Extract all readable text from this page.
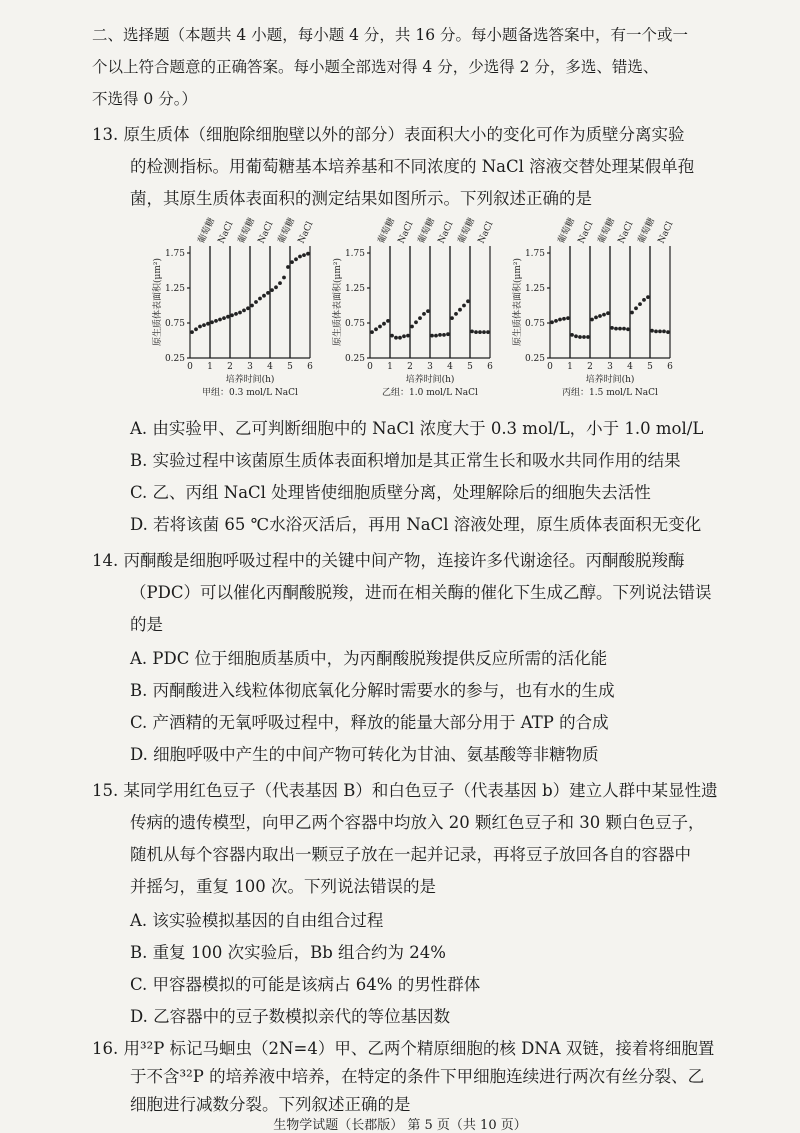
二、选择题（本题共 4 小题，每小题 4 分，共 16 分。每小题备选答案中，有一个或一
个以上符合题意的正确答案。每小题全部选对得 4 分，少选得 2 分，多选、错选、
不选得 0 分。）
13. 原生质体（细胞除细胞壁以外的部分）表面积大小的变化可作为质壁分离实验
的检测指标。用葡萄糖基本培养基和不同浓度的 NaCl 溶液交替处理某假单孢
菌，其原生质体表面积的测定结果如图所示。下列叙述正确的是
葡萄糖 NaCl 葡萄糖 NaCl 葡萄糖 NaCl
0.25
0.75
1.25
1.75
0 1 2 3 4 5 6
原生质体表面积(μm²)
培养时间(h)
甲组：0.3 mol/L NaCl
葡萄糖 NaCl 葡萄糖 NaCl 葡萄糖 NaCl
0.25
0.75
1.25
1.75
0 1 2 3 4 5 6
原生质体表面积(μm²)
培养时间(h)
乙组：1.0 mol/L NaCl
葡萄糖 NaCl 葡萄糖 NaCl 葡萄糖 NaCl
0.25
0.75
1.25
1.75
0 1 2 3 4 5 6
原生质体表面积(μm²)
培养时间(h)
丙组：1.5 mol/L NaCl
A. 由实验甲、乙可判断细胞中的 NaCl 浓度大于 0.3 mol/L，小于 1.0 mol/L
B. 实验过程中该菌原生质体表面积增加是其正常生长和吸水共同作用的结果
C. 乙、丙组 NaCl 处理皆使细胞质壁分离，处理解除后的细胞失去活性
D. 若将该菌 65 ℃水浴灭活后，再用 NaCl 溶液处理，原生质体表面积无变化
14. 丙酮酸是细胞呼吸过程中的关键中间产物，连接许多代谢途径。丙酮酸脱羧酶
（PDC）可以催化丙酮酸脱羧，进而在相关酶的催化下生成乙醇。下列说法错误
的是
A. PDC 位于细胞质基质中，为丙酮酸脱羧提供反应所需的活化能
B. 丙酮酸进入线粒体彻底氧化分解时需要水的参与，也有水的生成
C. 产酒精的无氧呼吸过程中，释放的能量大部分用于 ATP 的合成
D. 细胞呼吸中产生的中间产物可转化为甘油、氨基酸等非糖物质
15. 某同学用红色豆子（代表基因 B）和白色豆子（代表基因 b）建立人群中某显性遗
传病的遗传模型，向甲乙两个容器中均放入 20 颗红色豆子和 30 颗白色豆子，
随机从每个容器内取出一颗豆子放在一起并记录，再将豆子放回各自的容器中
并摇匀，重复 100 次。下列说法错误的是
A. 该实验模拟基因的自由组合过程
B. 重复 100 次实验后，Bb 组合约为 24%
C. 甲容器模拟的可能是该病占 64% 的男性群体
D. 乙容器中的豆子数模拟亲代的等位基因数
16. 用³²P 标记马蛔虫（2N=4）甲、乙两个精原细胞的核 DNA 双链，接着将细胞置
于不含³²P 的培养液中培养，在特定的条件下甲细胞连续进行两次有丝分裂、乙
生物学试题（长郡版） 第 5 页（共 10 页）
细胞进行减数分裂。下列叙述正确的是
